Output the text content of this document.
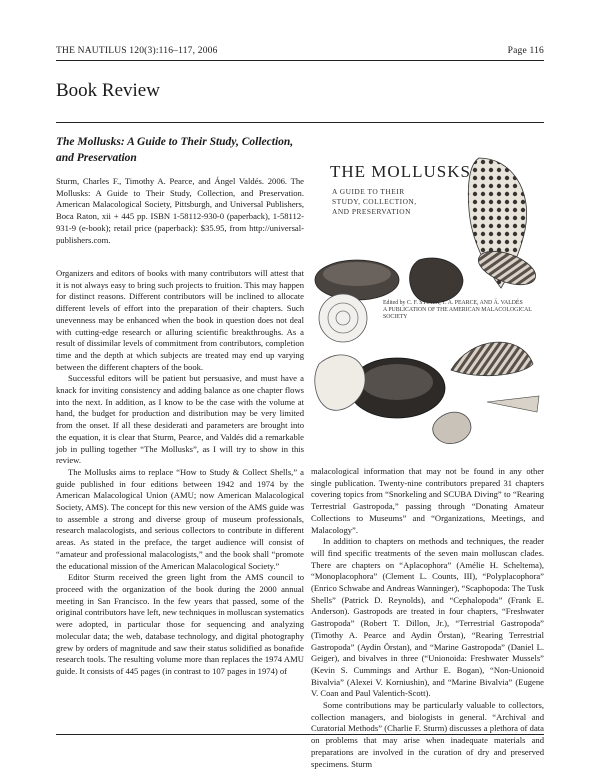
THE NAUTILUS 120(3):116–117, 2006	Page 116
Book Review
The Mollusks: A Guide to Their Study, Collection, and Preservation
Sturm, Charles F., Timothy A. Pearce, and Ángel Valdés. 2006. The Mollusks: A Guide to Their Study, Collection, and Preservation. American Malacological Society, Pittsburgh, and Universal Publishers, Boca Raton, xii + 445 pp. ISBN 1-58112-930-0 (paperback), 1-58112-931-9 (e-book); retail price (paperback): $35.95, from http://universal-publishers.com.

Organizers and editors of books with many contributors will attest that it is not always easy to bring such projects to fruition. This may happen for distinct reasons. Different contributors will be inclined to allocate different levels of effort into the preparation of their chapters. Such unevenness may be enhanced when the book in question does not deal with cutting-edge research or alluring scientific breakthroughs. As a result of dissimilar levels of commitment from contributors, completion time and the depth at which subjects are treated may end up varying between the different chapters of the book.

Successful editors will be patient but persuasive, and must have a knack for inviting consistency and adding balance as one chapter flows into the next. In addition, as I know to be the case with the volume at hand, the budget for production and distribution may be very limited from the onset. If all these desiderati and parameters are brought into the equation, it is clear that Sturm, Pearce, and Valdés did a remarkable job in pulling together “The Mollusks”, as I will try to show in this review.

The Mollusks aims to replace “How to Study & Collect Shells,” a guide published in four editions between 1942 and 1974 by the American Malacological Union (AMU; now American Malacological Society, AMS). The concept for this new version of the AMS guide was to assemble a strong and diverse group of museum professionals, research malacologists, and serious collectors to contribute in different areas. As stated in the preface, the target audience will consist of “amateur and professional malacologists,” and the book shall “promote the educational mission of the American Malacological Society.”

Editor Sturm received the green light from the AMS council to proceed with the organization of the book during the 2000 annual meeting in San Francisco. In the few years that passed, some of the original contributors have left, new techniques in molluscan systematics were adopted, in particular those for sequencing and analyzing molecular data; the web, database technology, and digital photography grew by orders of magnitude and saw their status solidified as bonafide research tools. The resulting volume more than replaces the 1974 AMU guide. It consists of 445 pages (in contrast to 107 pages in 1974) of

THE MOLLUSKS
A GUIDE TO THEIR STUDY, COLLECTION, AND PRESERVATION
Edited by C. F. STURM, T. A. PEARCE, AND Á. VALDÉS
A PUBLICATION OF THE AMERICAN MALACOLOGICAL SOCIETY

malacological information that may not be found in any other single publication. Twenty-nine contributors prepared 31 chapters covering topics from “Snorkeling and SCUBA Diving” to “Rearing Terrestrial Gastropoda,” passing through “Donating Amateur Collections to Museums” and “Organizations, Meetings, and Malacology”.

In addition to chapters on methods and techniques, the reader will find specific treatments of the seven main molluscan clades. There are chapters on “Aplacophora” (Amélie H. Scheltema), “Monoplacophora” (Clement L. Counts, III), “Polyplacophora” (Enrico Schwabe and Andreas Wanninger), “Scaphopoda: The Tusk Shells” (Patrick D. Reynolds), and “Cephalopoda” (Frank E. Anderson). Gastropods are treated in four chapters, “Freshwater Gastropoda” (Robert T. Dillon, Jr.), “Terrestrial Gastropoda” (Timothy A. Pearce and Aydin Örstan), “Rearing Terrestrial Gastropoda” (Aydin Örstan), and “Marine Gastropoda” (Daniel L. Geiger), and bivalves in three (“Unionoida: Freshwater Mussels” (Kevin S. Cummings and Arthur E. Bogan), “Non-Unionoid Bivalvia” (Alexei V. Korniushin), and “Marine Bivalvia” (Eugene V. Coan and Paul Valentich-Scott).

Some contributions may be particularly valuable to collectors, collection managers, and biologists in general. “Archival and Curatorial Methods” (Charlie F. Sturm) discusses a plethora of data on problems that may arise when inadequate materials and preparations are involved in the curation of dry and preserved specimens. Sturm
